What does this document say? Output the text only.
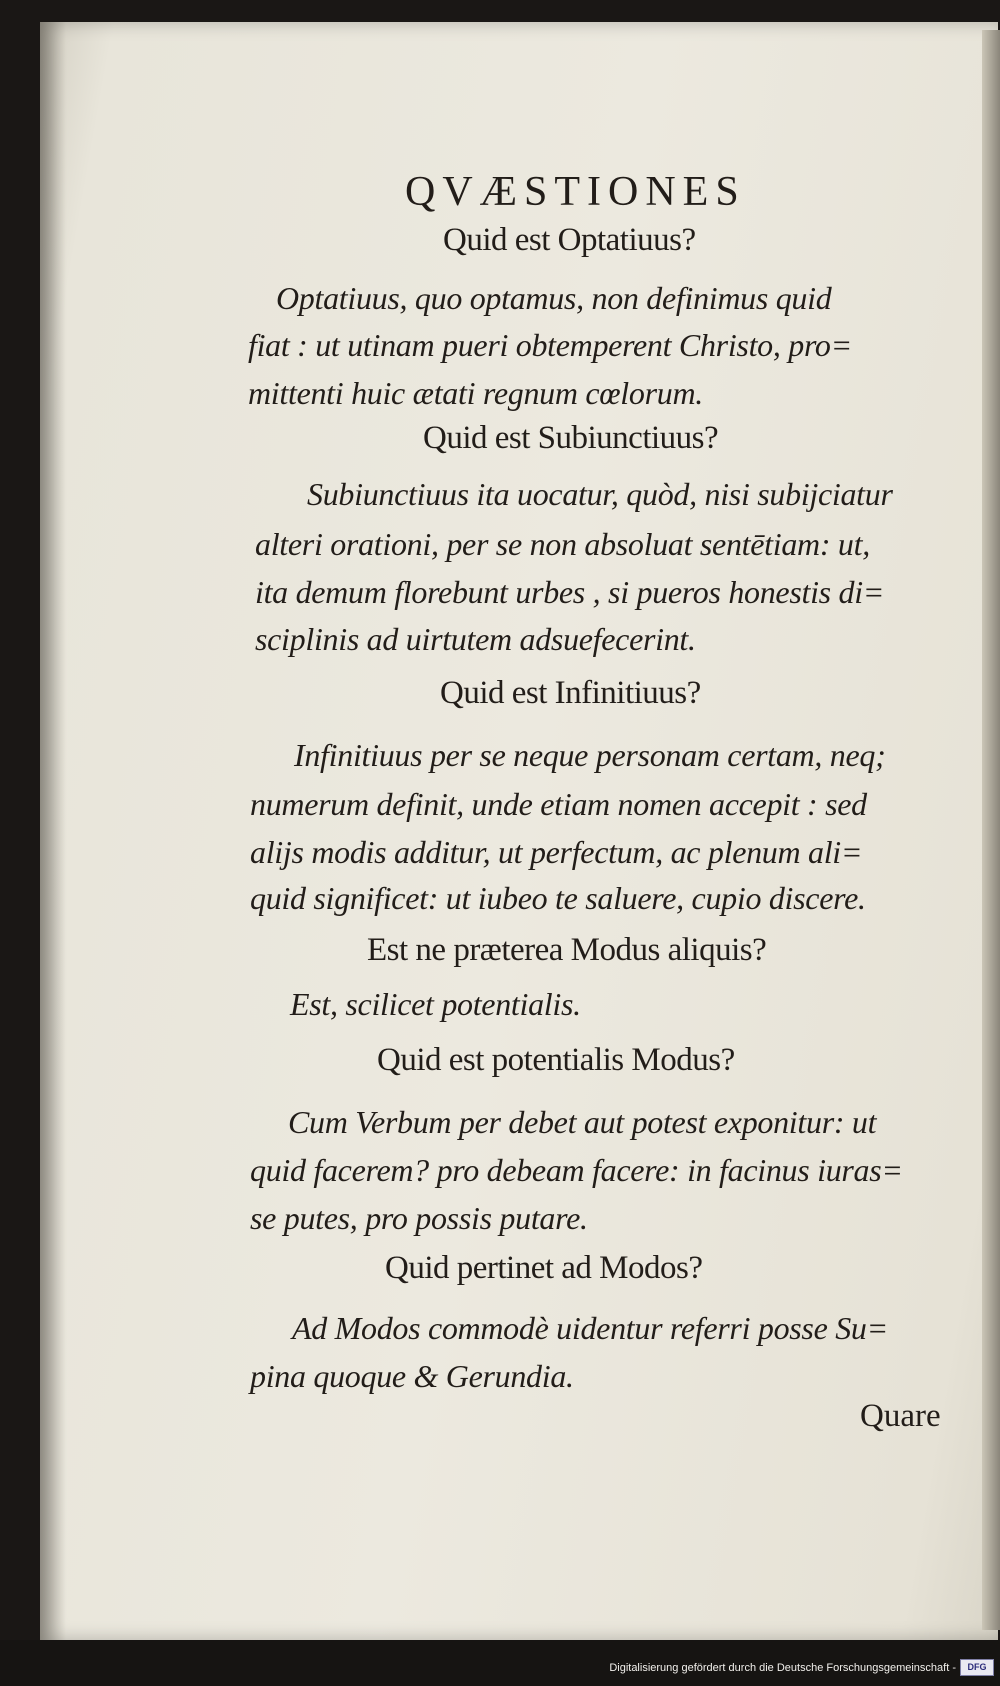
QVÆSTIONES
Quid est Optatiuus?
Optatiuus, quo optamus, non definimus quid
fiat : ut utinam pueri obtemperent Christo, pro=
mittenti huic ætati regnum cœlorum.
Quid est Subiunctiuus?
Subiunctiuus ita uocatur, quòd, nisi subijciatur
alteri orationi, per se non absoluat sentētiam: ut,
ita demum florebunt urbes , si pueros honestis di=
sciplinis ad uirtutem adsuefecerint.
Quid est Infinitiuus?
Infinitiuus per se neque personam certam, neq;
numerum definit, unde etiam nomen accepit : sed
alijs modis additur, ut perfectum, ac plenum ali=
quid significet: ut iubeo te saluere, cupio discere.
Est ne præterea Modus aliquis?
Est, scilicet potentialis.
Quid est potentialis Modus?
Cum Verbum per debet aut potest exponitur: ut
quid facerem? pro debeam facere: in facinus iuras=
se putes, pro possis putare.
Quid pertinet ad Modos?
Ad Modos commodè uidentur referri posse Su=
pina quoque & Gerundia.
Quare
Digitalisierung gefördert durch die Deutsche Forschungsgemeinschaft -	DFG
